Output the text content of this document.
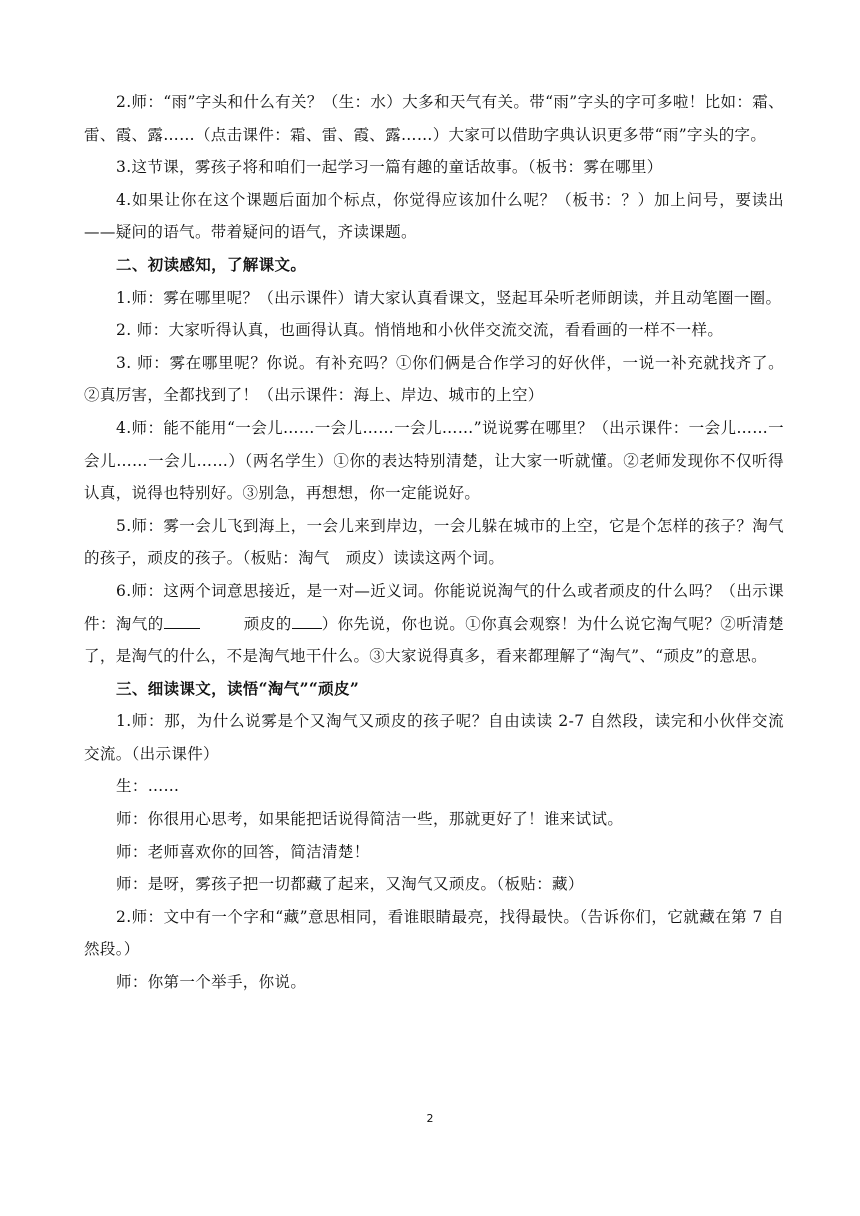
2.师：“雨”字头和什么有关？（生：水）大多和天气有关。带“雨”字头的字可多啦！比如：霜、雷、霞、露……（点击课件：霜、雷、霞、露……）大家可以借助字典认识更多带“雨”字头的字。

3.这节课，雾孩子将和咱们一起学习一篇有趣的童话故事。（板书：雾在哪里）

4.如果让你在这个课题后面加个标点，你觉得应该加什么呢？（板书：？）加上问号，要读出——疑问的语气。带着疑问的语气，齐读课题。

二、初读感知，了解课文。

1.师：雾在哪里呢？（出示课件）请大家认真看课文，竖起耳朵听老师朗读，并且动笔圈一圈。

2. 师：大家听得认真，也画得认真。悄悄地和小伙伴交流交流，看看画的一样不一样。

3. 师：雾在哪里呢？你说。有补充吗？①你们俩是合作学习的好伙伴，一说一补充就找齐了。②真厉害，全都找到了！（出示课件：海上、岸边、城市的上空）

4.师：能不能用“一会儿……一会儿……一会儿……”说说雾在哪里？（出示课件：一会儿……一会儿……一会儿……）（两名学生）①你的表达特别清楚，让大家一听就懂。②老师发现你不仅听得认真，说得也特别好。③别急，再想想，你一定能说好。

5.师：雾一会儿飞到海上，一会儿来到岸边，一会儿躲在城市的上空，它是个怎样的孩子？淘气的孩子，顽皮的孩子。（板贴：淘气　顽皮）读读这两个词。

6.师：这两个词意思接近，是一对—近义词。你能说说淘气的什么或者顽皮的什么吗？（出示课件：淘气的	顽皮的 ）你先说，你也说。①你真会观察！为什么说它淘气呢？②听清楚了，是淘气的什么，不是淘气地干什么。③大家说得真多，看来都理解了“淘气”、“顽皮”的意思。

三、细读课文，读悟“淘气”“顽皮”

1.师：那，为什么说雾是个又淘气又顽皮的孩子呢？自由读读 2-7 自然段，读完和小伙伴交流交流。（出示课件）

生：……

师：你很用心思考，如果能把话说得简洁一些，那就更好了！谁来试试。

师：老师喜欢你的回答，简洁清楚！

师：是呀，雾孩子把一切都藏了起来，又淘气又顽皮。（板贴：藏）

2.师：文中有一个字和“藏”意思相同，看谁眼睛最亮，找得最快。（告诉你们，它就藏在第 7 自然段。）

师：你第一个举手，你说。

2
